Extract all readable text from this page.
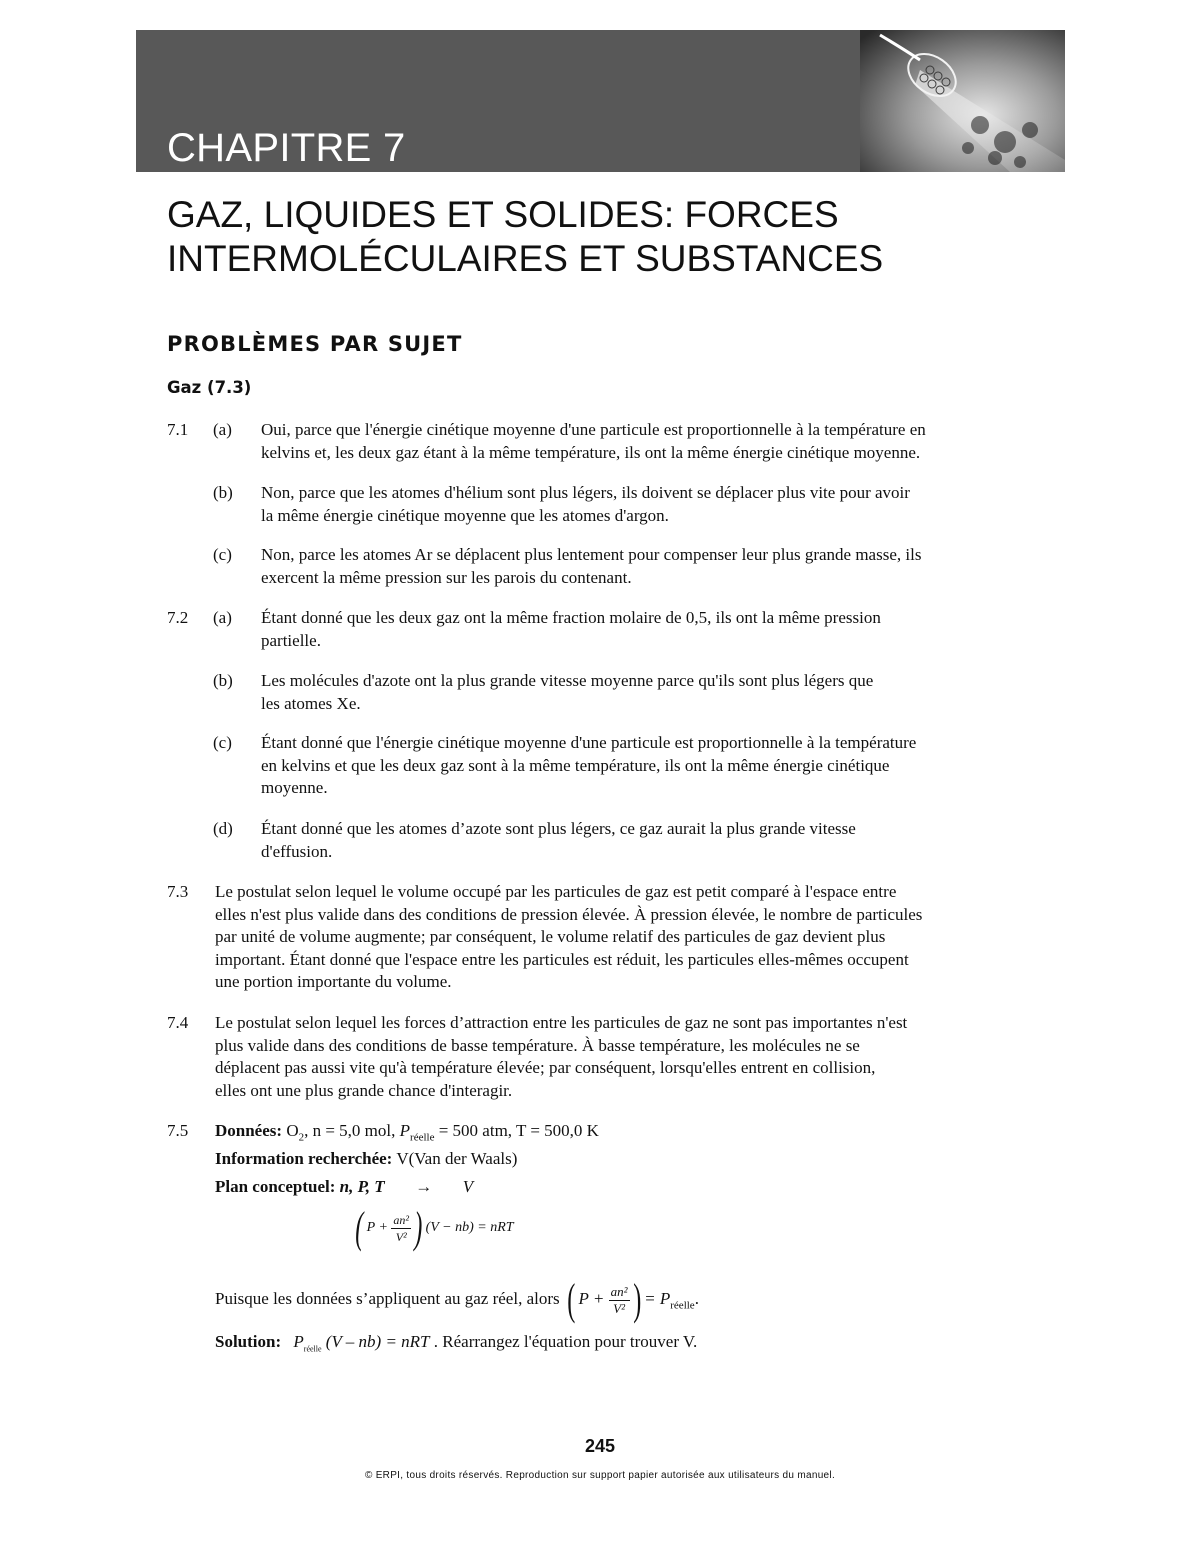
CHAPITRE 7
GAZ, LIQUIDES ET SOLIDES: FORCES
INTERMOLÉCULAIRES ET SUBSTANCES
PROBLÈMES PAR SUJET
Gaz (7.3)
7.1 (a) Oui, parce que l'énergie cinétique moyenne d'une particule est proportionnelle à la température en
kelvins et, les deux gaz étant à la même température, ils ont la même énergie cinétique moyenne.
(b) Non, parce que les atomes d'hélium sont plus légers, ils doivent se déplacer plus vite pour avoir
la même énergie cinétique moyenne que les atomes d'argon.
(c) Non, parce les atomes Ar se déplacent plus lentement pour compenser leur plus grande masse, ils
exercent la même pression sur les parois du contenant.
7.2 (a) Étant donné que les deux gaz ont la même fraction molaire de 0,5, ils ont la même pression
partielle.
(b) Les molécules d'azote ont la plus grande vitesse moyenne parce qu'ils sont plus légers que
les atomes Xe.
(c) Étant donné que l'énergie cinétique moyenne d'une particule est proportionnelle à la température
en kelvins et que les deux gaz sont à la même température, ils ont la même énergie cinétique
moyenne.
(d) Étant donné que les atomes d’azote sont plus légers, ce gaz aurait la plus grande vitesse
d'effusion.
7.3 Le postulat selon lequel le volume occupé par les particules de gaz est petit comparé à l'espace entre
elles n'est plus valide dans des conditions de pression élevée. À pression élevée, le nombre de particules
par unité de volume augmente; par conséquent, le volume relatif des particules de gaz devient plus
important. Étant donné que l'espace entre les particules est réduit, les particules elles-mêmes occupent
une portion importante du volume.
7.4 Le postulat selon lequel les forces d’attraction entre les particules de gaz ne sont pas importantes n'est
plus valide dans des conditions de basse température. À basse température, les molécules ne se
déplacent pas aussi vite qu'à température élevée; par conséquent, lorsqu'elles entrent en collision,
elles ont une plus grande chance d'interagir.
7.5 Données: $O_2$, n = 5,0 mol, $P_{réelle} = 500$ atm, T = 500,0 K
Information recherchée: V(Van der Waals)
Plan conceptuel: n, P, T → V
( $P + \frac{\text{an²}}{\text{V²}}$ ) (V − nb) = nRT
Puisque les données s’appliquent au gaz réel, alors ( $P + \frac{\text{an²}}{\text{V²}}$ ) = $P_{réelle}$.
Solution: $P_{réelle}$ (V – nb) = nRT . Réarrangez l'équation pour trouver V.
245
© ERPI, tous droits réservés. Reproduction sur support papier autorisée aux utilisateurs du manuel.
